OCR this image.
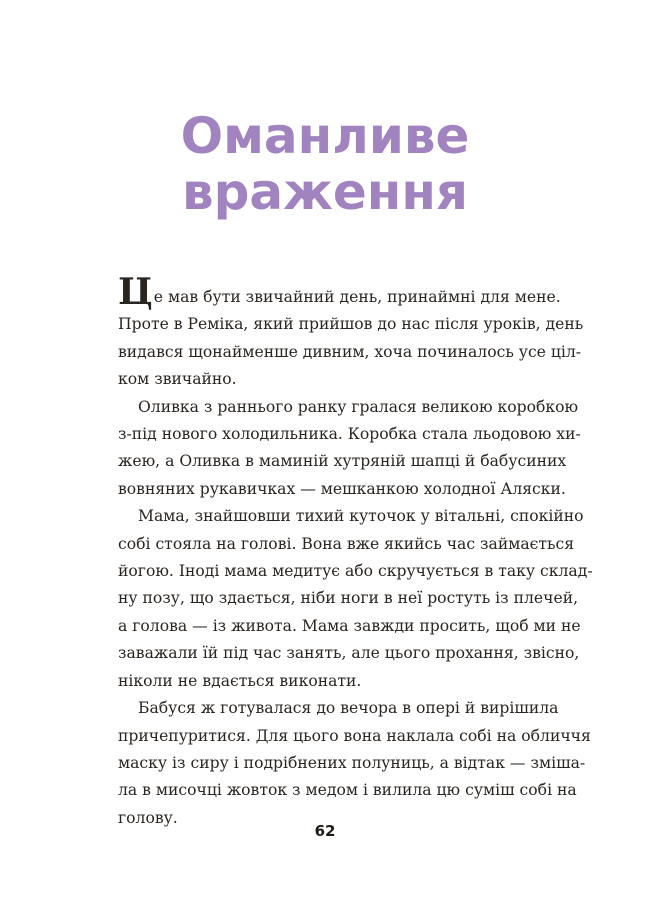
Оманливе
враження
Це мав бути звичайний день, принаймні для мене.
Проте в Реміка, який прийшов до нас після уроків, день
видався щонайменше дивним, хоча починалось усе цiл-
ком звичайно.
Оливка з раннього ранку гралася великою коробкою
з-під нового холодильника. Коробка стала льодовою хи-
жею, а Оливка в маминій хутряній шапці й бабусиних
вовняних рукавичках — мешканкою холодної Аляски.
Мама, знайшовши тихий куточок у вітальні, спокійно
собі стояла на голові. Вона вже якийсь час займається
йогою. Іноді мама медитує або скручується в таку склад-
ну позу, що здається, ніби ноги в неї ростуть із плечей,
а голова — із живота. Мама завжди просить, щоб ми не
заважали їй під час занять, але цього прохання, звісно,
ніколи не вдається виконати.
Бабуся ж готувалася до вечора в опері й вирішила
причепуритися. Для цього вона наклала собі на обличчя
маску із сиру і подрібнених полуниць, а відтак — зміша-
ла в мисочці жовток з медом і вилила цю суміш собі на
голову.
62
